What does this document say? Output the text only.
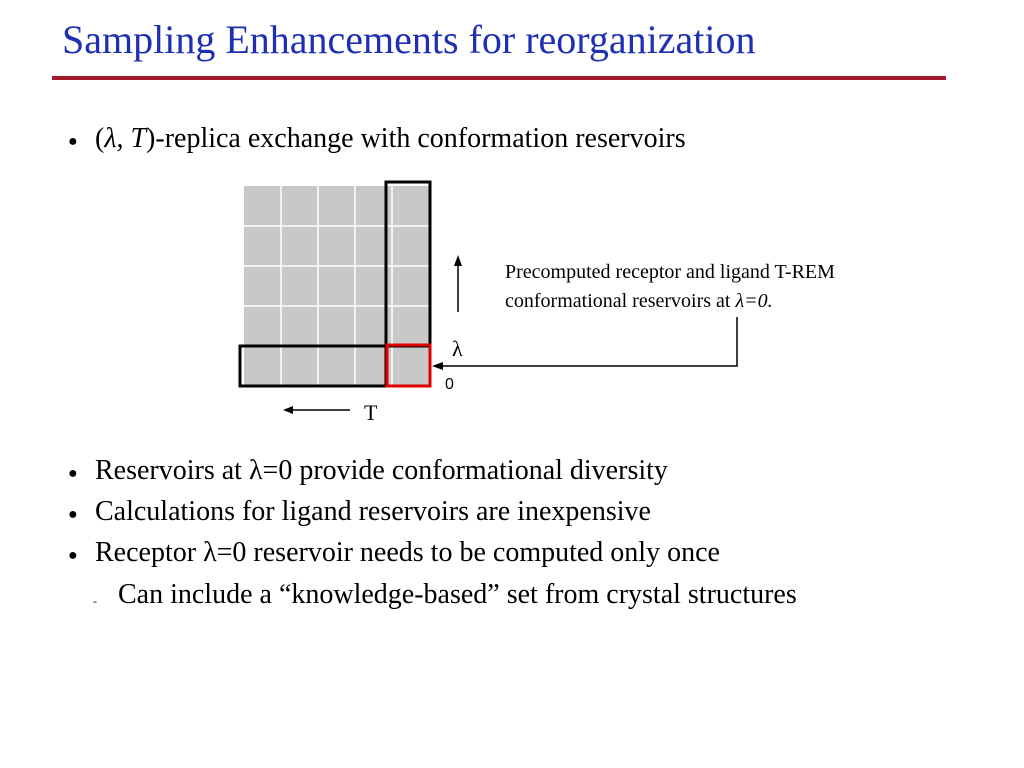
Sampling Enhancements for reorganization
● (λ, T)-replica exchange with conformation reservoirs
Precomputed receptor and ligand T-REM
conformational reservoirs at λ=0.
λ
0
T
● Reservoirs at λ=0 provide conformational diversity
● Calculations for ligand reservoirs are inexpensive
● Receptor λ=0 reservoir needs to be computed only once
- Can include a “knowledge-based” set from crystal structures
